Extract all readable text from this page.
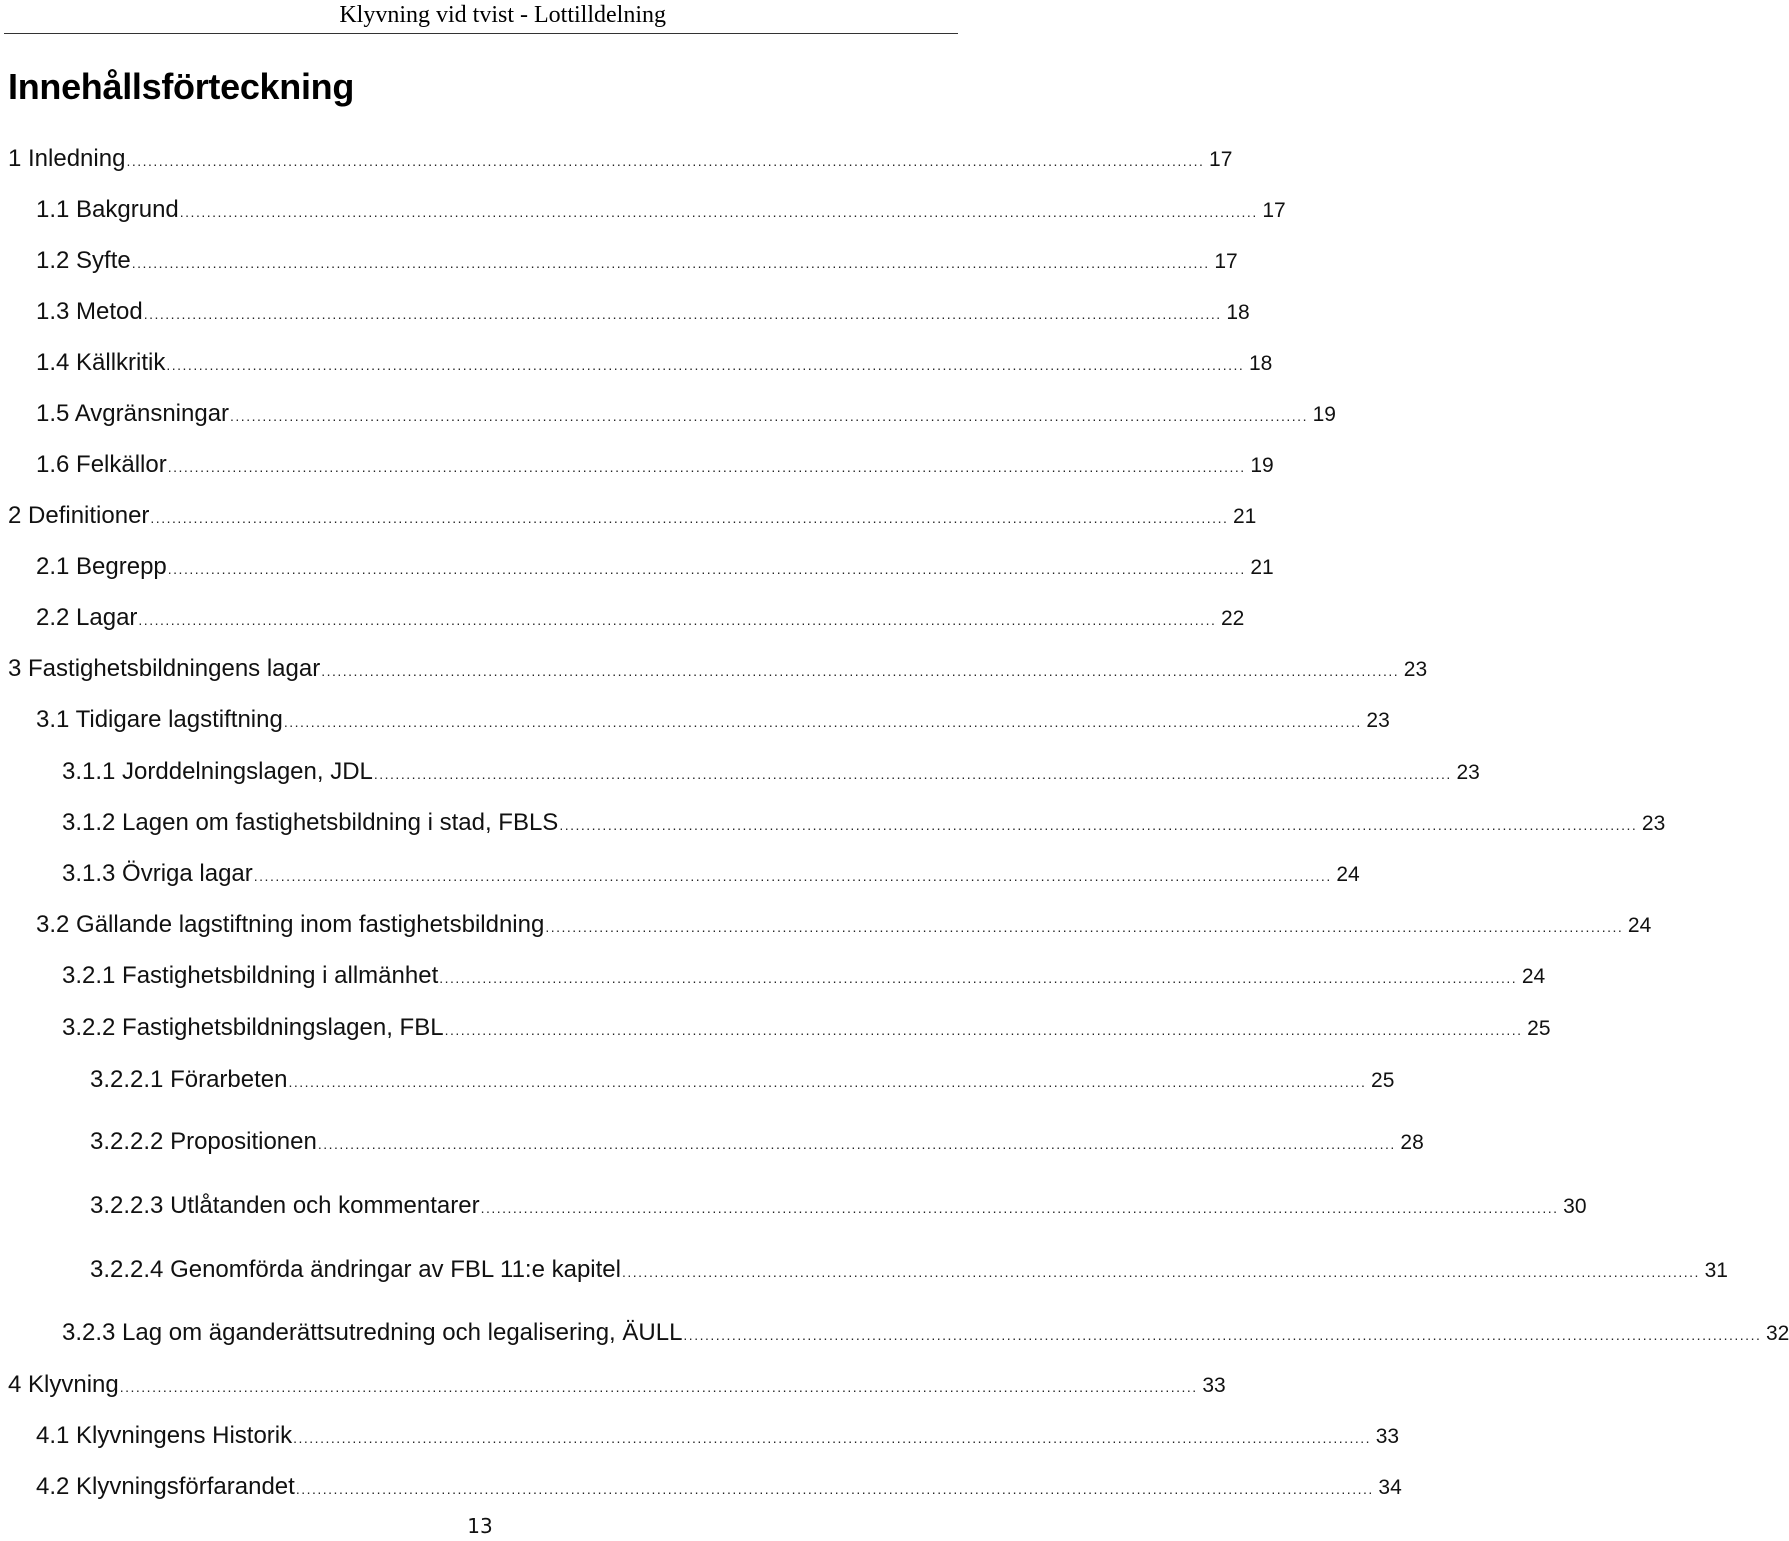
Klyvning vid tvist - Lottilldelning
Innehållsförteckning
1 Inledning ........................................................................................................................................................................................................ 17
1.1 Bakgrund ........................................................................................................................................................................................................ 17
1.2 Syfte ........................................................................................................................................................................................................ 17
1.3 Metod ........................................................................................................................................................................................................ 18
1.4 Källkritik ........................................................................................................................................................................................................ 18
1.5 Avgränsningar ........................................................................................................................................................................................................ 19
1.6 Felkällor ........................................................................................................................................................................................................ 19
2 Definitioner ........................................................................................................................................................................................................ 21
2.1 Begrepp ........................................................................................................................................................................................................ 21
2.2 Lagar ........................................................................................................................................................................................................ 22
3 Fastighetsbildningens lagar ........................................................................................................................................................................................................ 23
3.1 Tidigare lagstiftning ........................................................................................................................................................................................................ 23
3.1.1 Jorddelningslagen, JDL ........................................................................................................................................................................................................ 23
3.1.2 Lagen om fastighetsbildning i stad, FBLS ........................................................................................................................................................................................................ 23
3.1.3 Övriga lagar ........................................................................................................................................................................................................ 24
3.2 Gällande lagstiftning inom fastighetsbildning ........................................................................................................................................................................................................ 24
3.2.1 Fastighetsbildning i allmänhet ........................................................................................................................................................................................................ 24
3.2.2 Fastighetsbildningslagen, FBL ........................................................................................................................................................................................................ 25
3.2.2.1 Förarbeten ........................................................................................................................................................................................................ 25
3.2.2.2 Propositionen ........................................................................................................................................................................................................ 28
3.2.2.3 Utlåtanden och kommentarer ........................................................................................................................................................................................................ 30
3.2.2.4 Genomförda ändringar av FBL 11:e kapitel ........................................................................................................................................................................................................ 31
3.2.3 Lag om äganderättsutredning och legalisering, ÄULL ........................................................................................................................................................................................................ 32
4 Klyvning ........................................................................................................................................................................................................ 33
4.1 Klyvningens Historik ........................................................................................................................................................................................................ 33
4.2 Klyvningsförfarandet ........................................................................................................................................................................................................ 34
13
